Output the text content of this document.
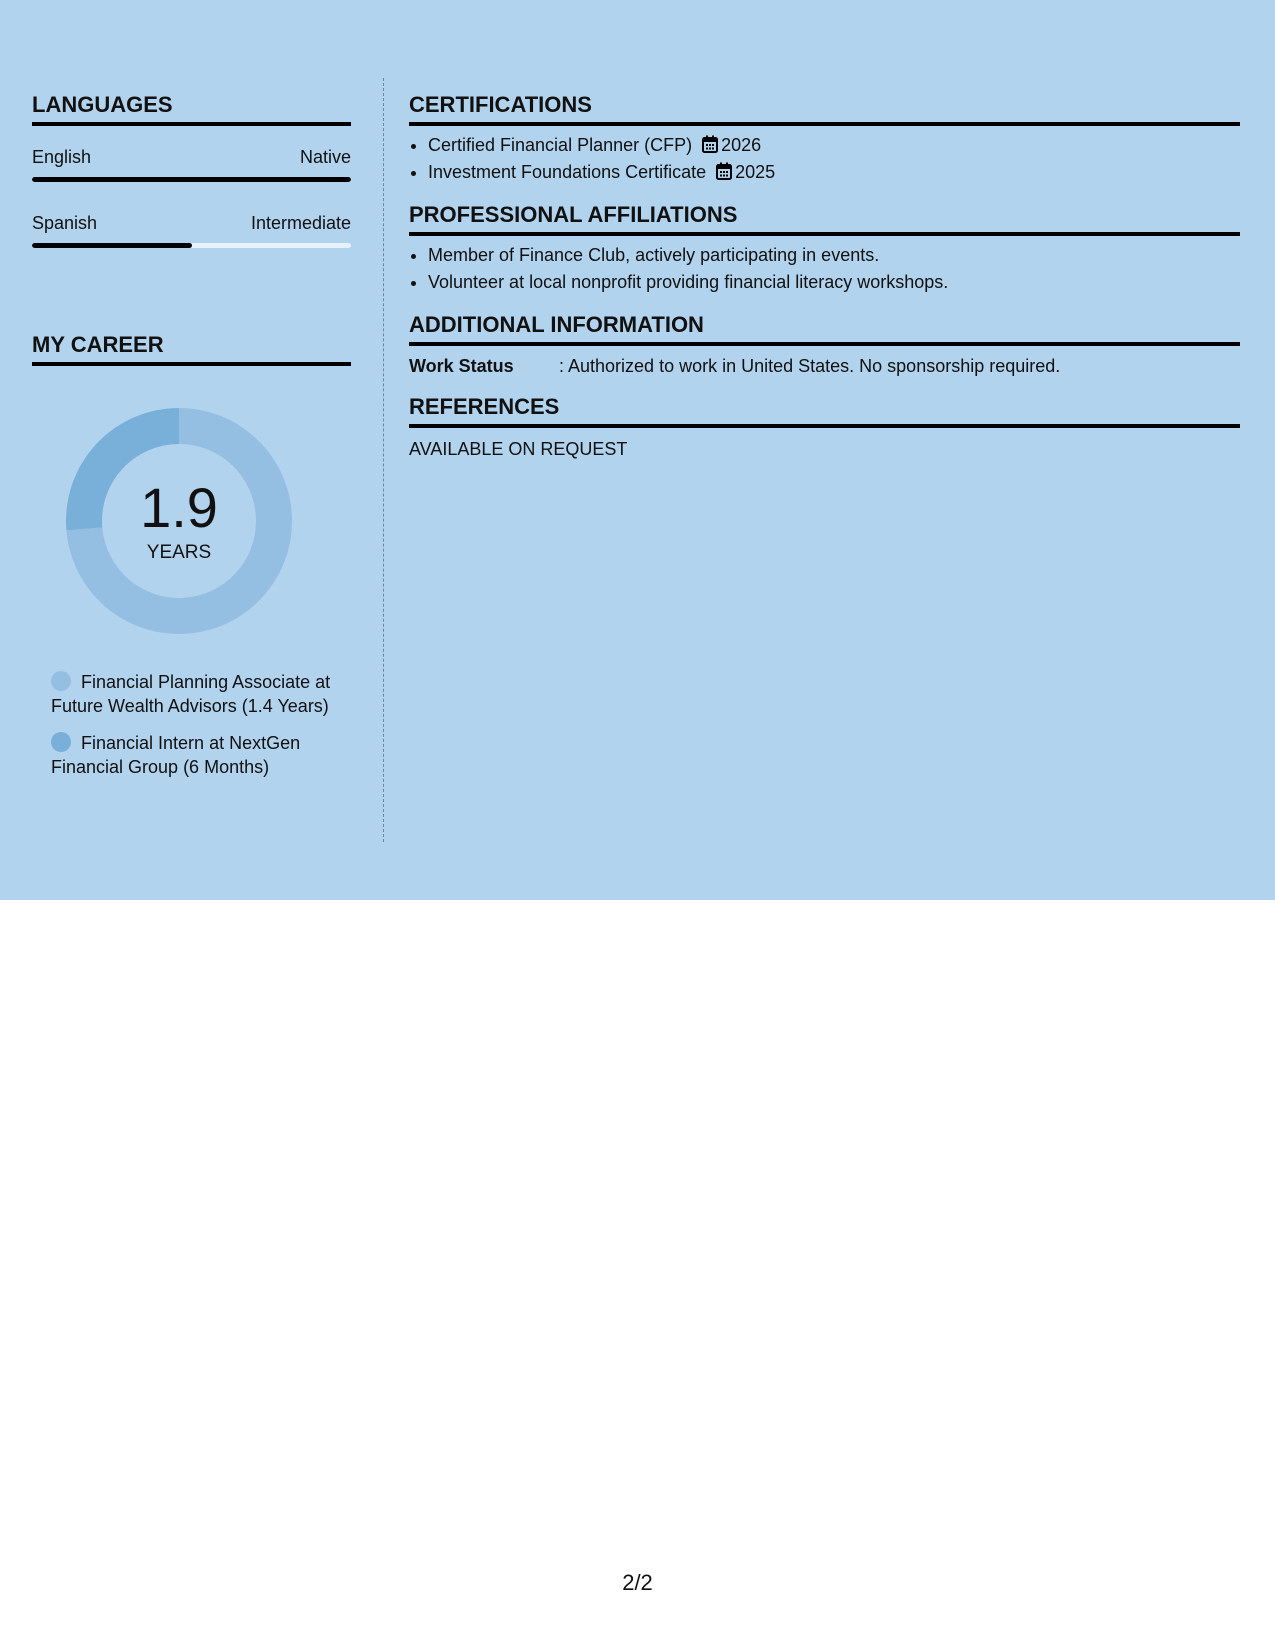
LANGUAGES
English	Native
Spanish	Intermediate
MY CAREER
1.9
YEARS
Financial Planning Associate at Future Wealth Advisors (1.4 Years)
Financial Intern at NextGen Financial Group (6 Months)
CERTIFICATIONS
• Certified Financial Planner (CFP) 2026
• Investment Foundations Certificate 2025
PROFESSIONAL AFFILIATIONS
• Member of Finance Club, actively participating in events.
• Volunteer at local nonprofit providing financial literacy workshops.
ADDITIONAL INFORMATION
Work Status	: Authorized to work in United States. No sponsorship required.
REFERENCES
AVAILABLE ON REQUEST
2/2
